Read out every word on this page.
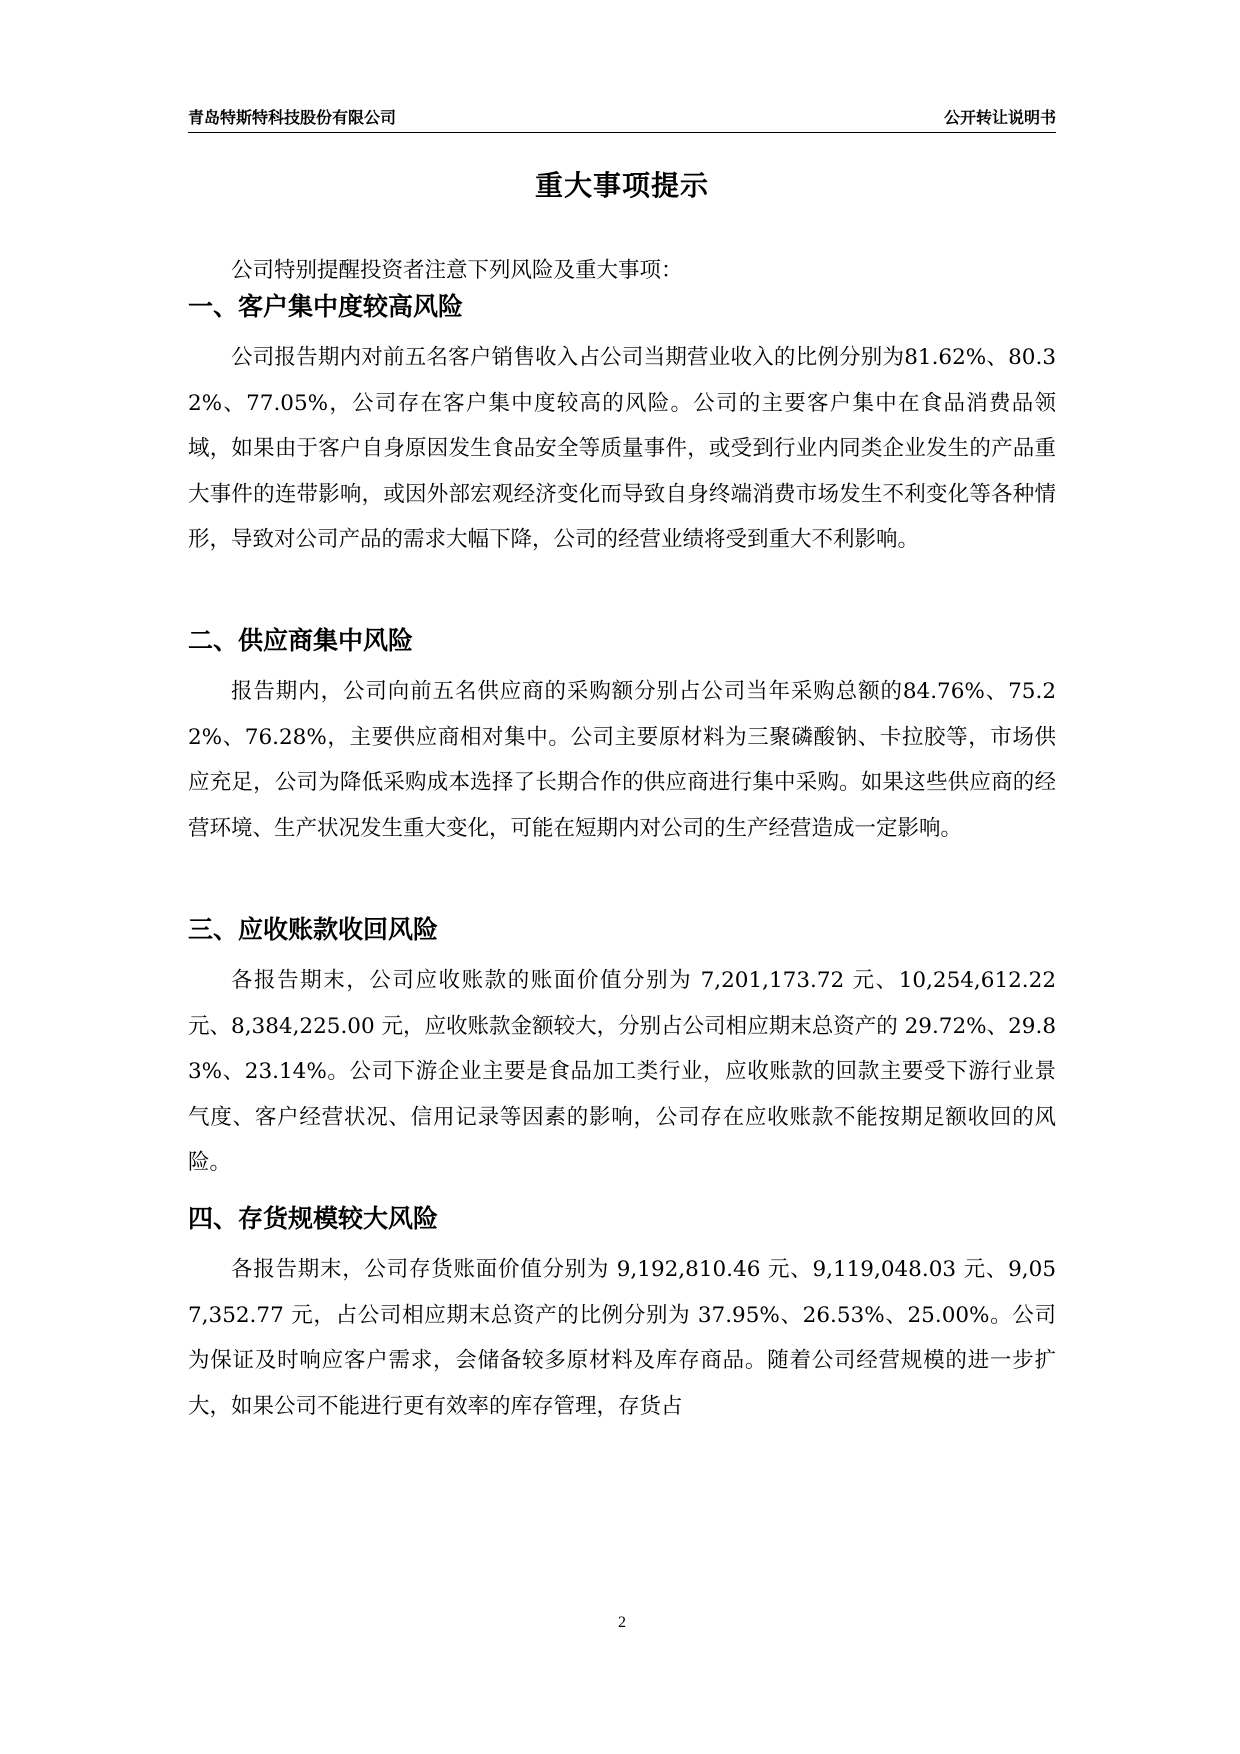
青岛特斯特科技股份有限公司	公开转让说明书
重大事项提示
公司特别提醒投资者注意下列风险及重大事项：
一、客户集中度较高风险
公司报告期内对前五名客户销售收入占公司当期营业收入的比例分别为81.62%、80.32%、77.05%，公司存在客户集中度较高的风险。公司的主要客户集中在食品消费品领域，如果由于客户自身原因发生食品安全等质量事件，或受到行业内同类企业发生的产品重大事件的连带影响，或因外部宏观经济变化而导致自身终端消费市场发生不利变化等各种情形，导致对公司产品的需求大幅下降，公司的经营业绩将受到重大不利影响。
二、供应商集中风险
报告期内，公司向前五名供应商的采购额分别占公司当年采购总额的84.76%、75.22%、76.28%，主要供应商相对集中。公司主要原材料为三聚磷酸钠、卡拉胶等，市场供应充足，公司为降低采购成本选择了长期合作的供应商进行集中采购。如果这些供应商的经营环境、生产状况发生重大变化，可能在短期内对公司的生产经营造成一定影响。
三、应收账款收回风险
各报告期末，公司应收账款的账面价值分别为 7,201,173.72 元、10,254,612.22 元、8,384,225.00 元，应收账款金额较大，分别占公司相应期末总资产的 29.72%、29.83%、23.14%。公司下游企业主要是食品加工类行业，应收账款的回款主要受下游行业景气度、客户经营状况、信用记录等因素的影响，公司存在应收账款不能按期足额收回的风险。
四、存货规模较大风险
各报告期末，公司存货账面价值分别为 9,192,810.46 元、9,119,048.03 元、9,057,352.77 元，占公司相应期末总资产的比例分别为 37.95%、26.53%、25.00%。公司为保证及时响应客户需求，会储备较多原材料及库存商品。随着公司经营规模的进一步扩大，如果公司不能进行更有效率的库存管理，存货占
2
